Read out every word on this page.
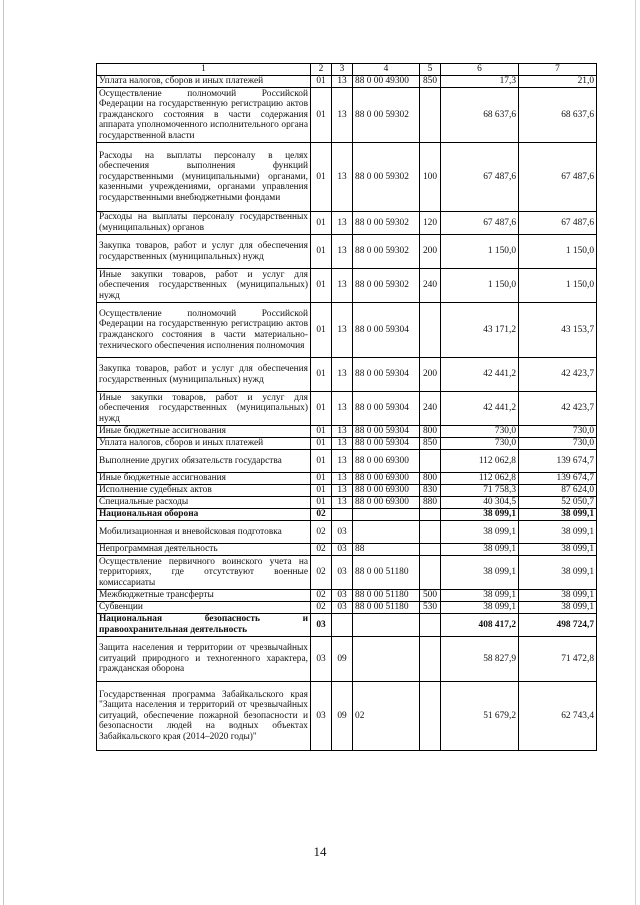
1	2	3	4	5	6	7
Уплата налогов, сборов и иных платежей	01	13	88 0 00 49300	850	17,3	21,0
Осуществление полномочий Российской Федерации на государственную регистрацию актов гражданского состояния в части содержания аппарата уполномоченного исполнительного органа государственной власти	01	13	88 0 00 59302		68 637,6	68 637,6
Расходы на выплаты персоналу в целях обеспечения выполнения функций государственными (муниципальными) органами, казенными учреждениями, органами управления государственными внебюджетными фондами	01	13	88 0 00 59302	100	67 487,6	67 487,6
Расходы на выплаты персоналу государственных (муниципальных) органов	01	13	88 0 00 59302	120	67 487,6	67 487,6
Закупка товаров, работ и услуг для обеспечения государственных (муниципальных) нужд	01	13	88 0 00 59302	200	1 150,0	1 150,0
Иные закупки товаров, работ и услуг для обеспечения государственных (муниципальных) нужд	01	13	88 0 00 59302	240	1 150,0	1 150,0
Осуществление полномочий Российской Федерации на государственную регистрацию актов гражданского состояния в части материально-технического обеспечения исполнения полномочия	01	13	88 0 00 59304		43 171,2	43 153,7
Закупка товаров, работ и услуг для обеспечения государственных (муниципальных) нужд	01	13	88 0 00 59304	200	42 441,2	42 423,7
Иные закупки товаров, работ и услуг для обеспечения государственных (муниципальных) нужд	01	13	88 0 00 59304	240	42 441,2	42 423,7
Иные бюджетные ассигнования	01	13	88 0 00 59304	800	730,0	730,0
Уплата налогов, сборов и иных платежей	01	13	88 0 00 59304	850	730,0	730,0
Выполнение других обязательств государства	01	13	88 0 00 69300		112 062,8	139 674,7
Иные бюджетные ассигнования	01	13	88 0 00 69300	800	112 062,8	139 674,7
Исполнение судебных актов	01	13	88 0 00 69300	830	71 758,3	87 624,0
Специальные расходы	01	13	88 0 00 69300	880	40 304,5	52 050,7
Национальная оборона	02				38 099,1	38 099,1
Мобилизационная и вневойсковая подготовка	02	03			38 099,1	38 099,1
Непрограммная деятельность	02	03	88		38 099,1	38 099,1
Осуществление первичного воинского учета на территориях, где отсутствуют военные комиссариаты	02	03	88 0 00 51180		38 099,1	38 099,1
Межбюджетные трансферты	02	03	88 0 00 51180	500	38 099,1	38 099,1
Субвенции	02	03	88 0 00 51180	530	38 099,1	38 099,1
Национальная безопасность и правоохранительная деятельность	03				408 417,2	498 724,7
Защита населения и территории от чрезвычайных ситуаций природного и техногенного характера, гражданская оборона	03	09			58 827,9	71 472,8
Государственная программа Забайкальского края "Защита населения и территорий от чрезвычайных ситуаций, обеспечение пожарной безопасности и безопасности людей на водных объектах Забайкальского края (2014–2020 годы)"	03	09	02		51 679,2	62 743,4
14
